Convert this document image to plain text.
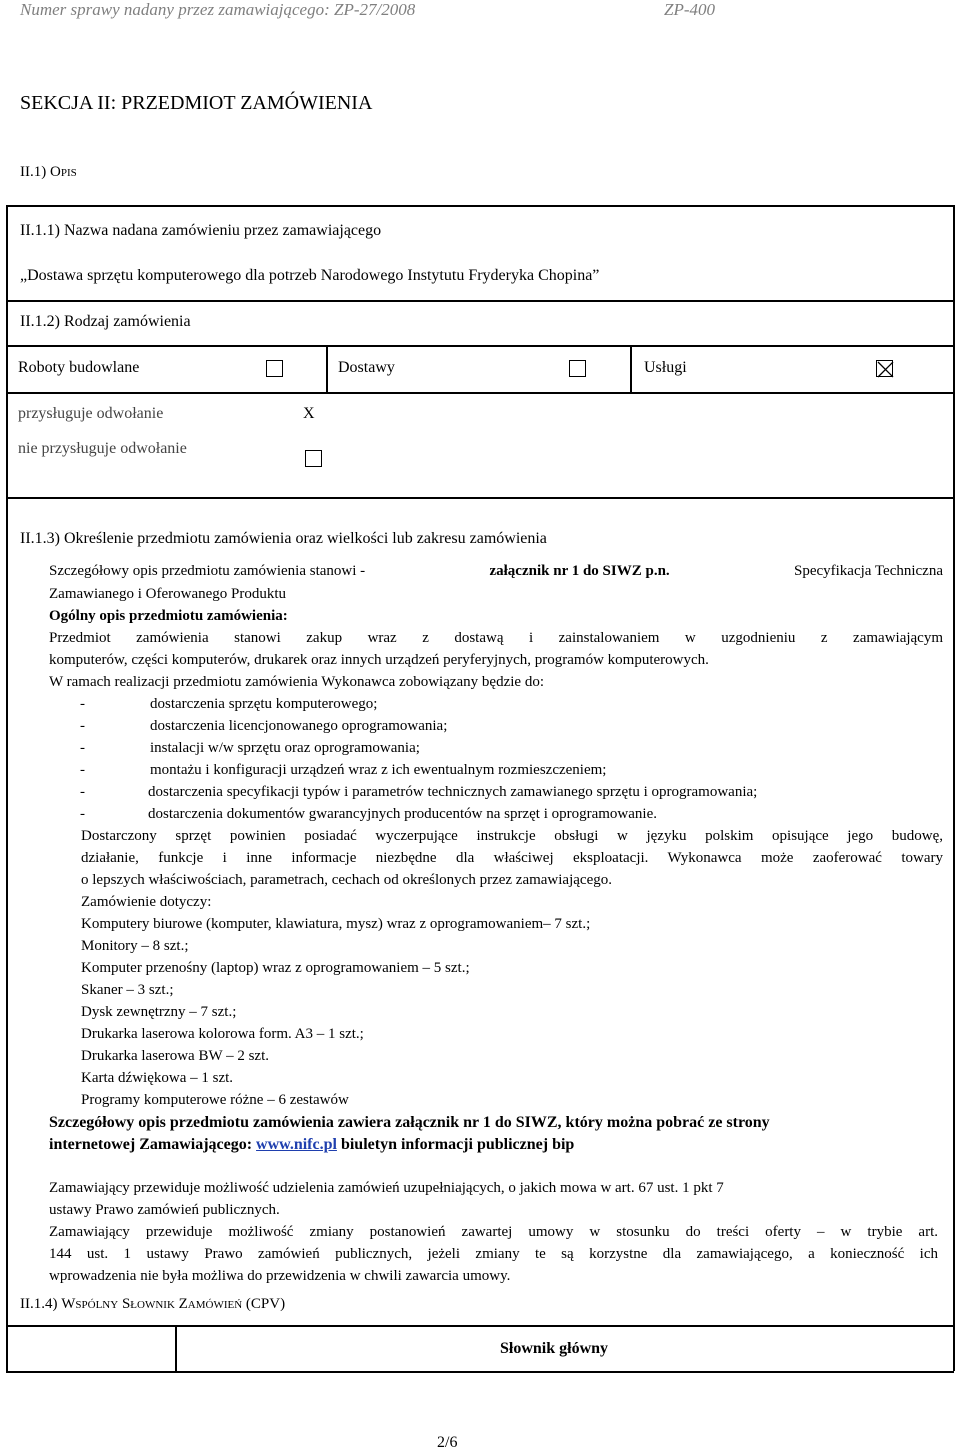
Numer sprawy nadany przez zamawiającego: ZP-27/2008	ZP-400
SEKCJA II: PRZEDMIOT ZAMÓWIENIA
II.1) Opis
II.1.1) Nazwa nadana zamówieniu przez zamawiającego
„Dostawa sprzętu komputerowego dla potrzeb Narodowego Instytutu Fryderyka Chopina”
II.1.2) Rodzaj zamówienia
Roboty budowlane	Dostawy	Usługi
przysługuje odwołanie	X
nie przysługuje odwołanie
II.1.3) Określenie przedmiotu zamówienia oraz wielkości lub zakresu zamówienia
Szczegółowy opis przedmiotu zamówienia stanowi -	załącznik nr 1 do SIWZ p.n.	Specyfikacja Techniczna
Zamawianego i Oferowanego Produktu
Ogólny opis przedmiotu zamówienia:
Przedmiot zamówienia stanowi zakup wraz z dostawą i zainstalowaniem w uzgodnieniu z zamawiającym
komputerów, części komputerów, drukarek oraz innych urządzeń peryferyjnych, programów komputerowych.
W ramach realizacji przedmiotu zamówienia Wykonawca zobowiązany będzie do:
-	dostarczenia sprzętu komputerowego;
-	dostarczenia licencjonowanego oprogramowania;
-	instalacji w/w sprzętu oraz oprogramowania;
-	montażu i konfiguracji urządzeń wraz z ich ewentualnym rozmieszczeniem;
-	dostarczenia specyfikacji typów i parametrów technicznych zamawianego sprzętu i oprogramowania;
-	dostarczenia dokumentów gwarancyjnych producentów na sprzęt i oprogramowanie.
Dostarczony sprzęt powinien posiadać wyczerpujące instrukcje obsługi w języku polskim opisujące jego budowę,
działanie, funkcje i inne informacje niezbędne dla właściwej eksploatacji. Wykonawca może zaoferować towary
o lepszych właściwościach, parametrach, cechach od określonych przez zamawiającego.
Zamówienie dotyczy:
Komputery biurowe (komputer, klawiatura, mysz) wraz z oprogramowaniem– 7 szt.;
Monitory – 8 szt.;
Komputer przenośny (laptop) wraz z oprogramowaniem – 5 szt.;
Skaner – 3 szt.;
Dysk zewnętrzny – 7 szt.;
Drukarka laserowa kolorowa form. A3 – 1 szt.;
Drukarka laserowa BW – 2 szt.
Karta dźwiękowa – 1 szt.
Programy komputerowe różne – 6 zestawów
Szczegółowy opis przedmiotu zamówienia zawiera załącznik nr 1 do SIWZ, który można pobrać ze strony
internetowej Zamawiającego: www.nifc.pl biuletyn informacji publicznej bip
Zamawiający przewiduje możliwość udzielenia zamówień uzupełniających, o jakich mowa w art. 67 ust. 1 pkt 7
ustawy Prawo zamówień publicznych.
Zamawiający przewiduje możliwość zmiany postanowień zawartej umowy w stosunku do treści oferty – w trybie art.
144 ust. 1 ustawy Prawo zamówień publicznych, jeżeli zmiany te są korzystne dla zamawiającego, a konieczność ich
wprowadzenia nie była możliwa do przewidzenia w chwili zawarcia umowy.
II.1.4) Wspólny Słownik Zamówień (CPV)
Słownik główny
2/6
